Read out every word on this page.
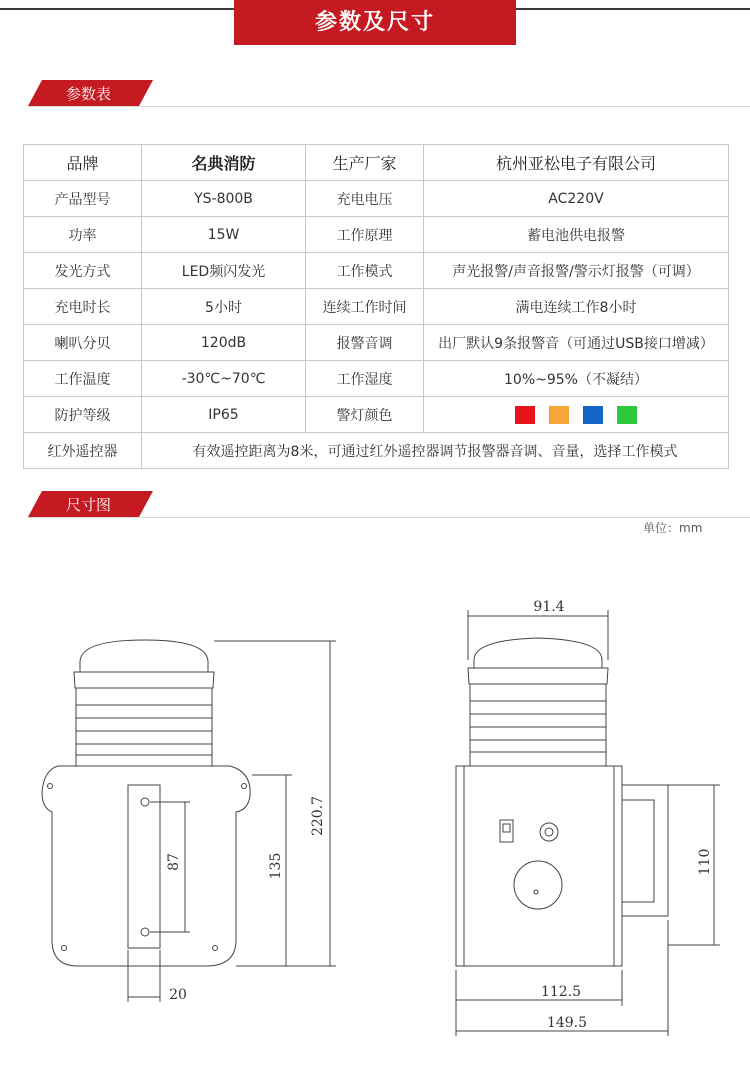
参数及尺寸
参数表
品牌	名典消防	生产厂家	杭州亚松电子有限公司
产品型号	YS-800B	充电电压	AC220V
功率	15W	工作原理	蓄电池供电报警
发光方式	LED频闪发光	工作模式	声光报警/声音报警/警示灯报警（可调）
充电时长	5小时	连续工作时间	满电连续工作8小时
喇叭分贝	120dB	报警音调	出厂默认9条报警音（可通过USB接口增减）
工作温度	-30℃~70℃	工作湿度	10%~95%（不凝结）
防护等级	IP65	警灯颜色	
红外遥控器	有效遥控距离为8米，可通过红外遥控器调节报警器音调、音量，选择工作模式		
尺寸图
单位：mm
220.7
135
87
20
91.4
110
112.5
149.5
